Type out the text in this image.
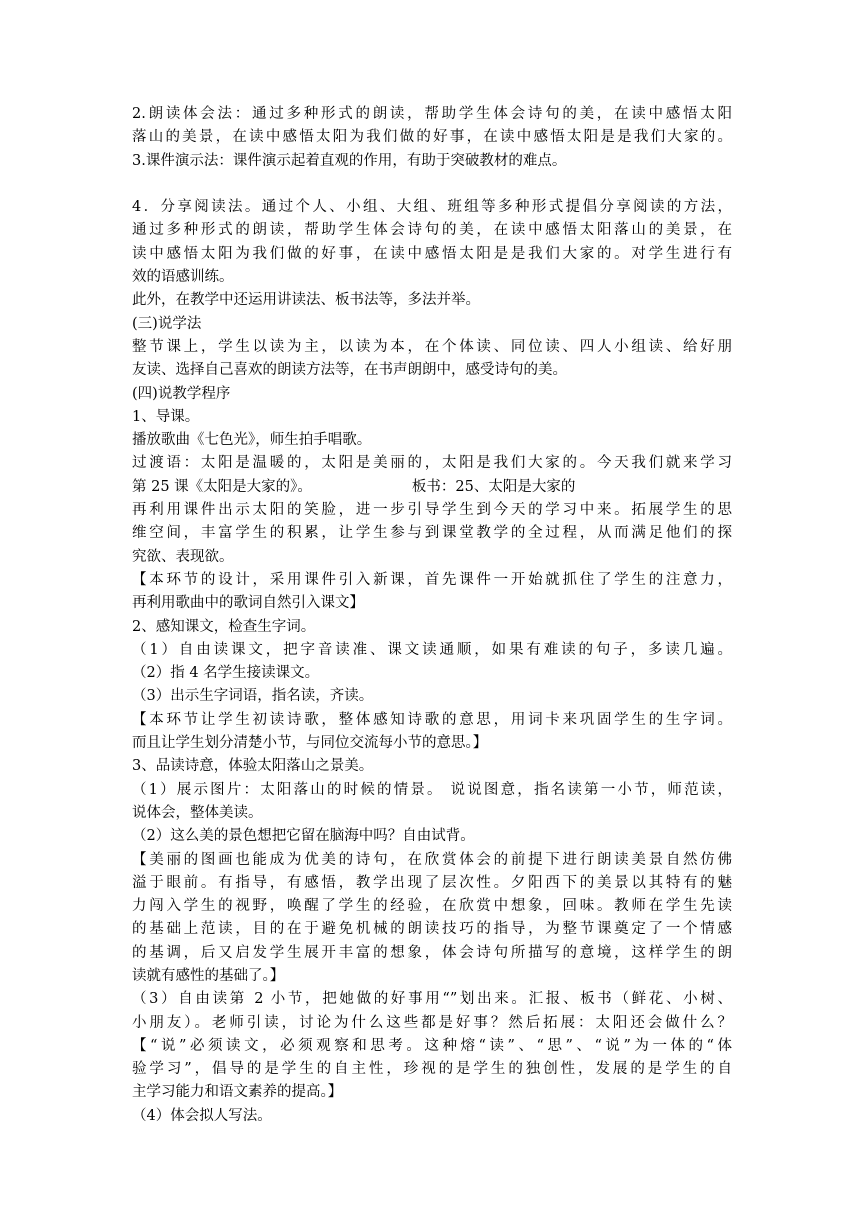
2.朗读体会法：通过多种形式的朗读，帮助学生体会诗句的美，在读中感悟太阳
落山的美景，在读中感悟太阳为我们做的好事，在读中感悟太阳是是我们大家的。
3.课件演示法：课件演示起着直观的作用，有助于突破教材的难点。
4．分享阅读法。通过个人、小组、大组、班组等多种形式提倡分享阅读的方法，
通过多种形式的朗读，帮助学生体会诗句的美，在读中感悟太阳落山的美景，在
读中感悟太阳为我们做的好事，在读中感悟太阳是是我们大家的。对学生进行有
效的语感训练。
此外，在教学中还运用讲读法、板书法等，多法并举。
(三)说学法
整节课上，学生以读为主，以读为本，在个体读、同位读、四人小组读、给好朋
友读、选择自己喜欢的朗读方法等，在书声朗朗中，感受诗句的美。
(四)说教学程序
1、导课。
播放歌曲《七色光》，师生拍手唱歌。
过渡语：太阳是温暖的，太阳是美丽的，太阳是我们大家的。今天我们就来学习
第 25 课《太阳是大家的》。	板书：25、太阳是大家的
再利用课件出示太阳的笑脸，进一步引导学生到今天的学习中来。拓展学生的思
维空间，丰富学生的积累，让学生参与到课堂教学的全过程，从而满足他们的探
究欲、表现欲。
【本环节的设计，采用课件引入新课，首先课件一开始就抓住了学生的注意力，
再利用歌曲中的歌词自然引入课文】
2、感知课文，检查生字词。
（1）自由读课文，把字音读准、课文读通顺，如果有难读的句子，多读几遍。
（2）指 4 名学生接读课文。
（3）出示生字词语，指名读，齐读。
【本环节让学生初读诗歌，整体感知诗歌的意思，用词卡来巩固学生的生字词。
而且让学生划分清楚小节，与同位交流每小节的意思。】
3、品读诗意，体验太阳落山之景美。
（1）展示图片：太阳落山的时候的情景。 说说图意，指名读第一小节，师范读，
说体会，整体美读。
（2）这么美的景色想把它留在脑海中吗？自由试背。
【美丽的图画也能成为优美的诗句，在欣赏体会的前提下进行朗读美景自然仿佛
溢于眼前。有指导，有感悟，教学出现了层次性。夕阳西下的美景以其特有的魅
力闯入学生的视野，唤醒了学生的经验，在欣赏中想象，回味。教师在学生先读
的基础上范读，目的在于避免机械的朗读技巧的指导，为整节课奠定了一个情感
的基调，后又启发学生展开丰富的想象，体会诗句所描写的意境，这样学生的朗
读就有感性的基础了。】
（3）自由读第 2 小节，把她做的好事用“”划出来。汇报、板书（鲜花、小树、
小朋友）。老师引读，讨论为什么这些都是好事？然后拓展：太阳还会做什么？
【“说”必须读文，必须观察和思考。这种熔“读”、“思”、“说”为一体的“体
验学习”，倡导的是学生的自主性，珍视的是学生的独创性，发展的是学生的自
主学习能力和语文素养的提高。】
（4）体会拟人写法。
